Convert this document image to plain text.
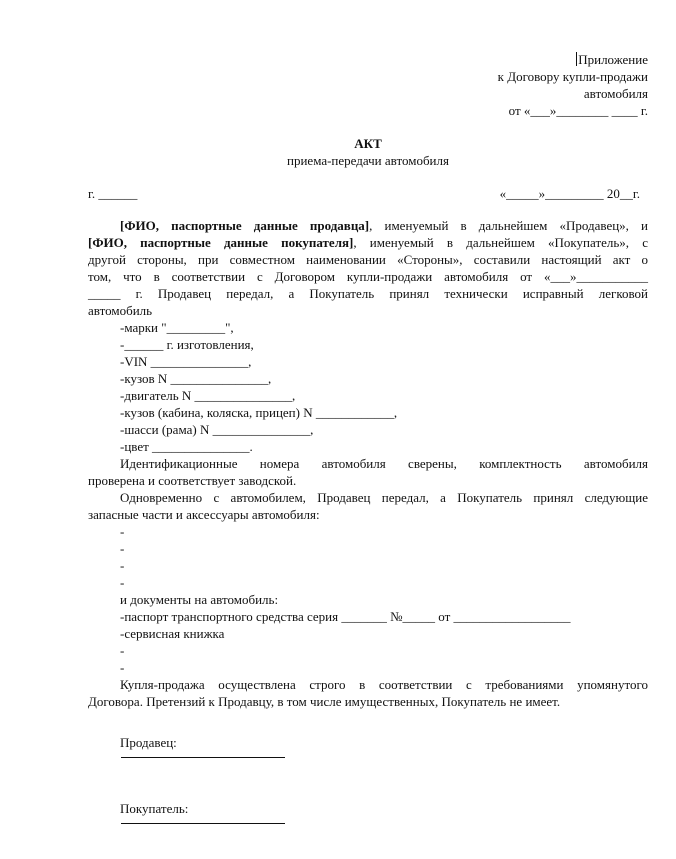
Приложение
к Договору купли-продажи
автомобиля
от «___»________ ____ г.
АКТ
приема-передачи автомобиля
г. ______	«_____»_________ 20__г.
[ФИО, паспортные данные продавца], именуемый в дальнейшем «Продавец», и
[ФИО, паспортные данные покупателя], именуемый в дальнейшем «Покупатель», с
другой стороны, при совместном наименовании «Стороны», составили настоящий акт о
том, что в соответствии с Договором купли-продажи автомобиля от «___»___________
_____ г. Продавец передал, а Покупатель принял технически исправный легковой
автомобиль
-марки "_________",
-______ г. изготовления,
-VIN _______________,
-кузов N _______________,
-двигатель N _______________,
-кузов (кабина, коляска, прицеп) N ____________,
-шасси (рама) N _______________,
-цвет _______________.
Идентификационные номера автомобиля сверены, комплектность автомобиля
проверена и соответствует заводской.
Одновременно с автомобилем, Продавец передал, а Покупатель принял следующие
запасные части и аксессуары автомобиля:
-
-
-
-
и документы на автомобиль:
-паспорт транспортного средства серия _______ №_____ от __________________
-сервисная книжка
-
-
Купля-продажа осуществлена строго в соответствии с требованиями упомянутого
Договора. Претензий к Продавцу, в том числе имущественных, Покупатель не имеет.
Продавец:
Покупатель:
